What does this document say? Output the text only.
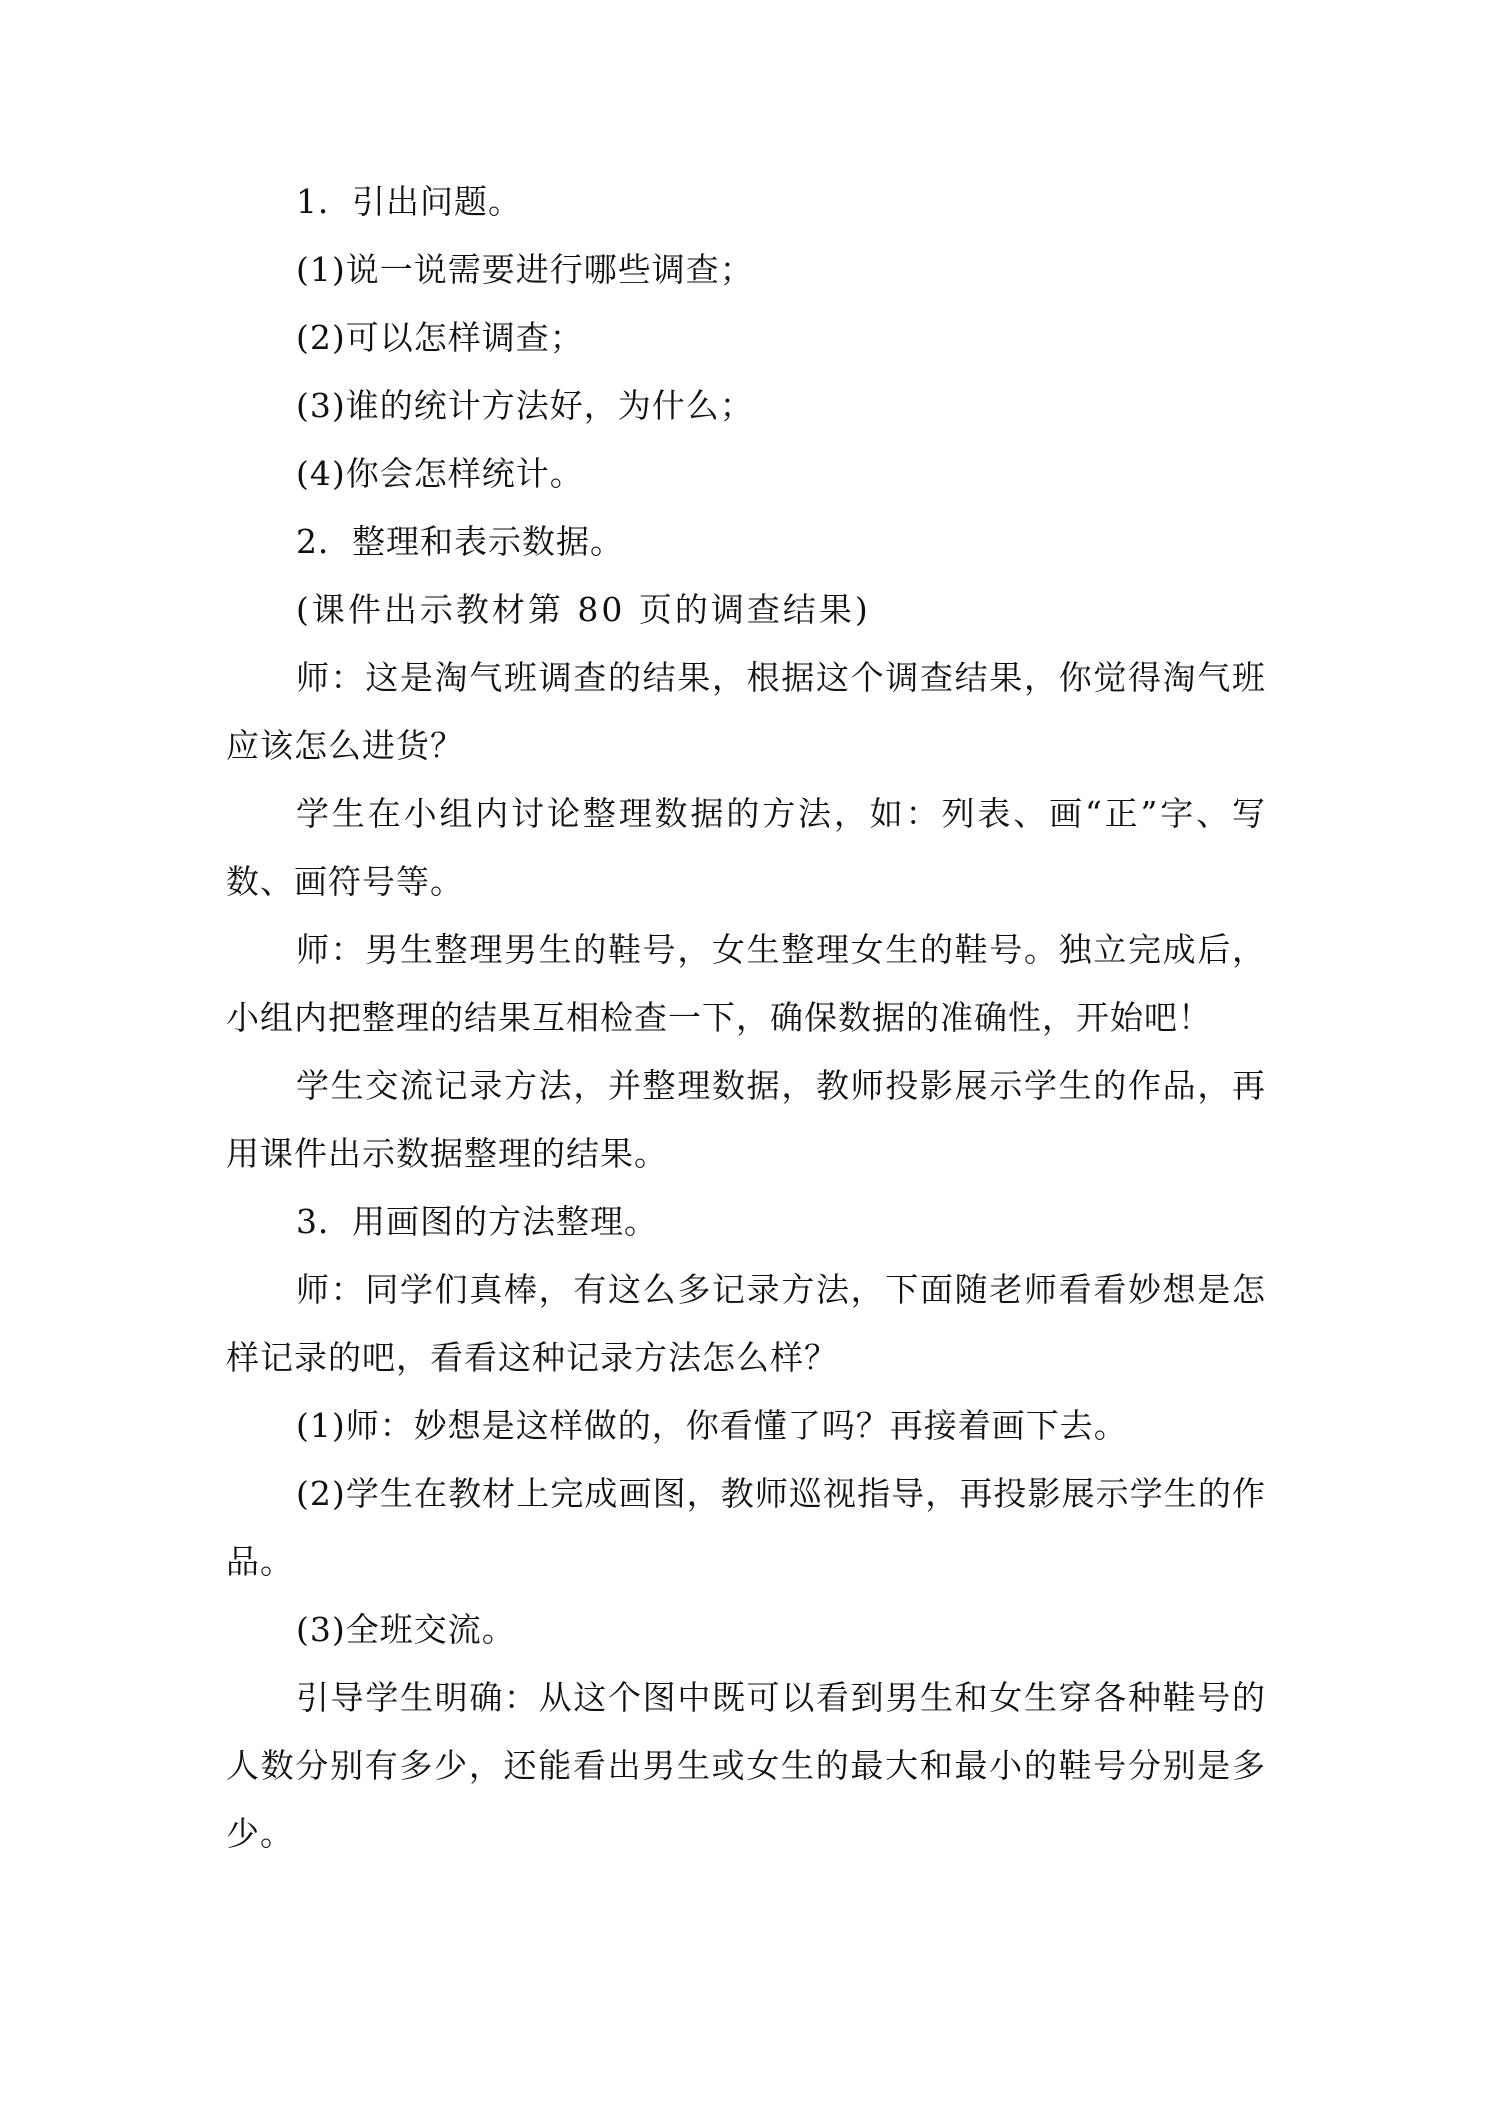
1．引出问题。

(1)说一说需要进行哪些调查；

(2)可以怎样调查；

(3)谁的统计方法好，为什么；

(4)你会怎样统计。

2．整理和表示数据。

(课件出示教材第 80 页的调查结果)

师：这是淘气班调查的结果，根据这个调查结果，你觉得淘气班应该怎么进货？

学生在小组内讨论整理数据的方法，如：列表、画“正”字、写数、画符号等。

师：男生整理男生的鞋号，女生整理女生的鞋号。独立完成后，小组内把整理的结果互相检查一下，确保数据的准确性，开始吧！

学生交流记录方法，并整理数据，教师投影展示学生的作品，再用课件出示数据整理的结果。

3．用画图的方法整理。

师：同学们真棒，有这么多记录方法，下面随老师看看妙想是怎样记录的吧，看看这种记录方法怎么样？

(1)师：妙想是这样做的，你看懂了吗？再接着画下去。

(2)学生在教材上完成画图，教师巡视指导，再投影展示学生的作品。

(3)全班交流。

引导学生明确：从这个图中既可以看到男生和女生穿各种鞋号的人数分别有多少，还能看出男生或女生的最大和最小的鞋号分别是多少。
